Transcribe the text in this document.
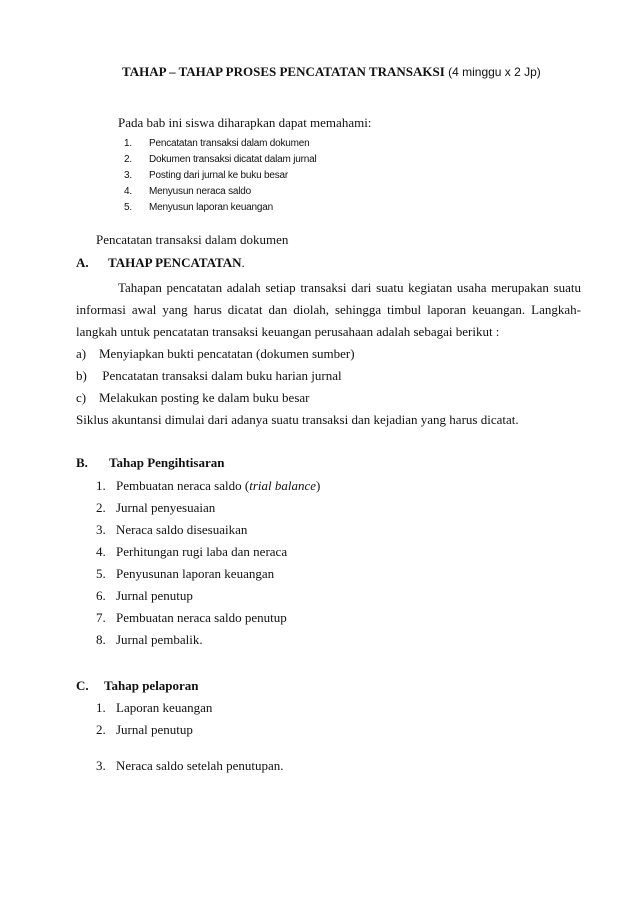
TAHAP – TAHAP PROSES PENCATATAN TRANSAKSI (4 minggu x 2 Jp)
Pada bab ini siswa diharapkan dapat memahami:
1. Pencatatan transaksi dalam dokumen
2. Dokumen transaksi dicatat dalam jurnal
3. Posting dari jurnal ke buku besar
4. Menyusun neraca saldo
5. Menyusun laporan keuangan
Pencatatan transaksi dalam dokumen
A. TAHAP PENCATATAN.
Tahapan pencatatan adalah setiap transaksi dari suatu kegiatan usaha merupakan suatu informasi awal yang harus dicatat dan diolah, sehingga timbul laporan keuangan. Langkah-langkah untuk pencatatan transaksi keuangan perusahaan adalah sebagai berikut :
a) Menyiapkan bukti pencatatan (dokumen sumber)
b) Pencatatan transaksi dalam buku harian jurnal
c) Melakukan posting ke dalam buku besar
Siklus akuntansi dimulai dari adanya suatu transaksi dan kejadian yang harus dicatat.
B. Tahap Pengihtisaran
1. Pembuatan neraca saldo (trial balance)
2. Jurnal penyesuaian
3. Neraca saldo disesuaikan
4. Perhitungan rugi laba dan neraca
5. Penyusunan laporan keuangan
6. Jurnal penutup
7. Pembuatan neraca saldo penutup
8. Jurnal pembalik.
C. Tahap pelaporan
1. Laporan keuangan
2. Jurnal penutup
3. Neraca saldo setelah penutupan.
